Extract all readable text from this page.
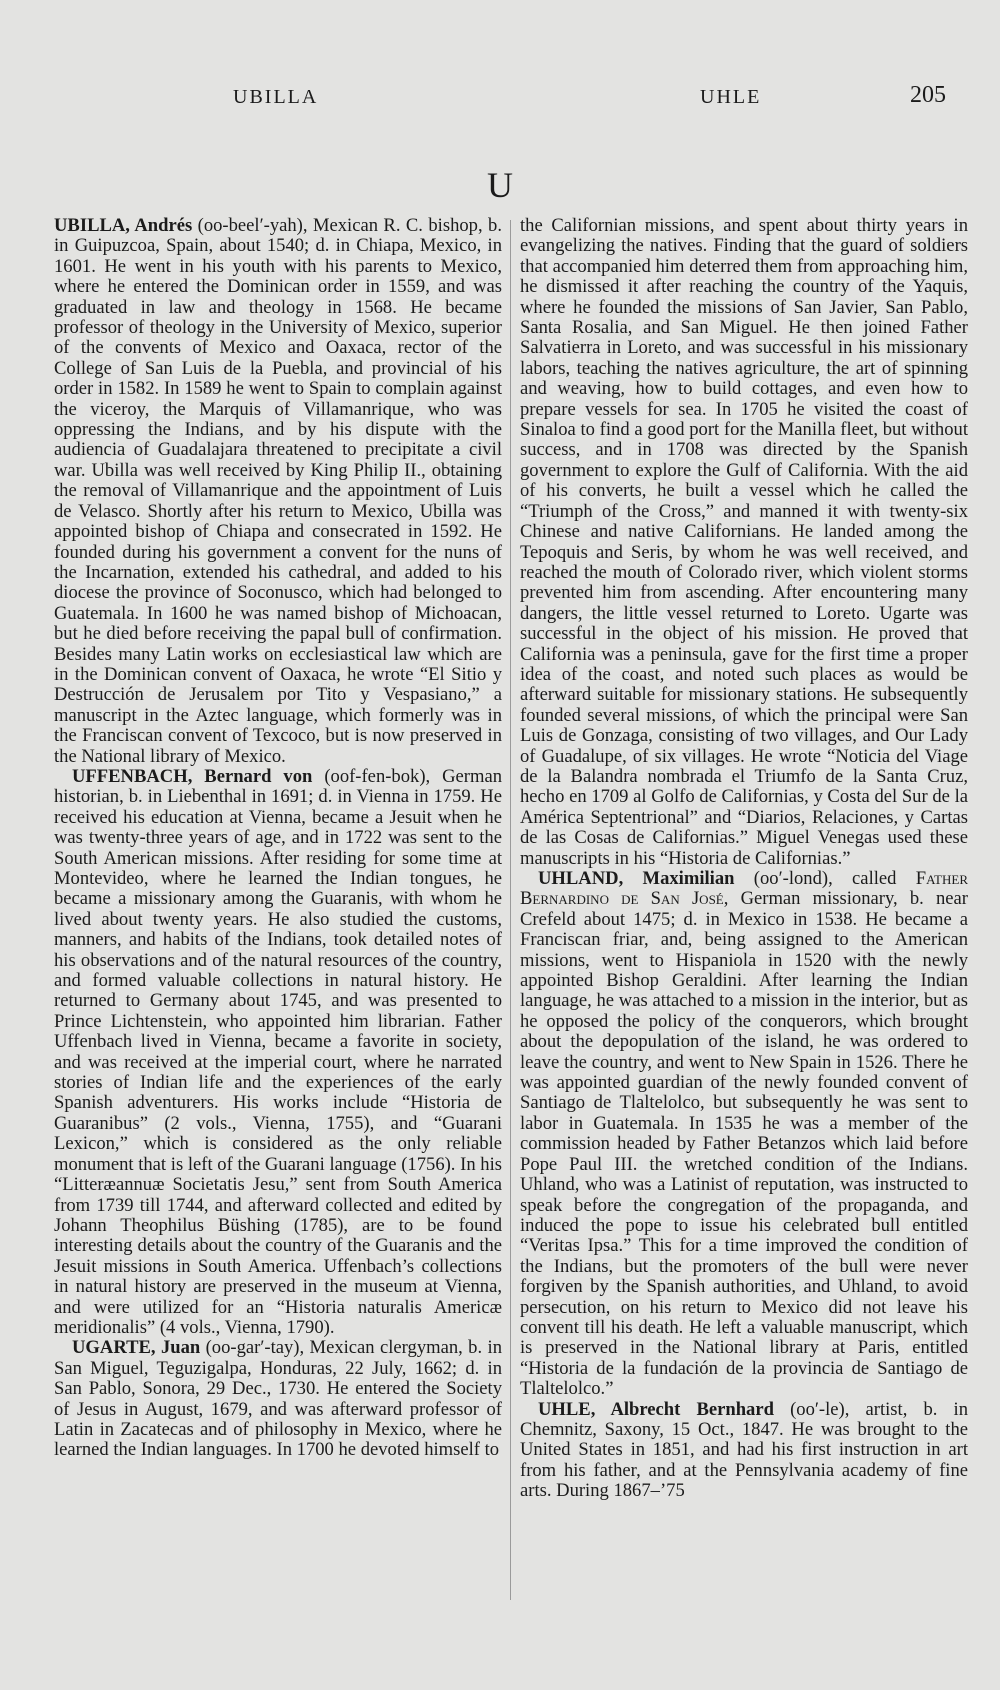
UBILLA	UHLE	205
U

UBILLA, Andrés (oo-beel′-yah), Mexican R. C. bishop, b. in Guipuzcoa, Spain, about 1540; d. in Chiapa, Mexico, in 1601. He went in his youth with his parents to Mexico, where he entered the Dominican order in 1559, and was graduated in law and theology in 1568. He became professor of theology in the University of Mexico, superior of the convents of Mexico and Oaxaca, rector of the College of San Luis de la Puebla, and provincial of his order in 1582. In 1589 he went to Spain to complain against the viceroy, the Marquis of Villamanrique, who was oppressing the Indians, and by his dispute with the audiencia of Guadalajara threatened to precipitate a civil war. Ubilla was well received by King Philip II., obtaining the removal of Villamanrique and the appointment of Luis de Velasco. Shortly after his return to Mexico, Ubilla was appointed bishop of Chiapa and consecrated in 1592. He founded during his government a convent for the nuns of the Incarnation, extended his cathedral, and added to his diocese the province of Soconusco, which had belonged to Guatemala. In 1600 he was named bishop of Michoacan, but he died before receiving the papal bull of confirmation. Besides many Latin works on ecclesiastical law which are in the Dominican convent of Oaxaca, he wrote “El Sitio y Destrucción de Jerusalem por Tito y Vespasiano,” a manuscript in the Aztec language, which formerly was in the Franciscan convent of Texcoco, but is now preserved in the National library of Mexico.

UFFENBACH, Bernard von (oof-fen-bok), German historian, b. in Liebenthal in 1691; d. in Vienna in 1759. He received his education at Vienna, became a Jesuit when he was twenty-three years of age, and in 1722 was sent to the South American missions. After residing for some time at Montevideo, where he learned the Indian tongues, he became a missionary among the Guaranis, with whom he lived about twenty years. He also studied the customs, manners, and habits of the Indians, took detailed notes of his observations and of the natural resources of the country, and formed valuable collections in natural history. He returned to Germany about 1745, and was presented to Prince Lichtenstein, who appointed him librarian. Father Uffenbach lived in Vienna, became a favorite in society, and was received at the imperial court, where he narrated stories of Indian life and the experiences of the early Spanish adventurers. His works include “Historia de Guaranibus” (2 vols., Vienna, 1755), and “Guarani Lexicon,” which is considered as the only reliable monument that is left of the Guarani language (1756). In his “Litteræannuæ Societatis Jesu,” sent from South America from 1739 till 1744, and afterward collected and edited by Johann Theophilus Büshing (1785), are to be found interesting details about the country of the Guaranis and the Jesuit missions in South America. Uffenbach’s collections in natural history are preserved in the museum at Vienna, and were utilized for an “Historia naturalis Americæ meridionalis” (4 vols., Vienna, 1790).

UGARTE, Juan (oo-gar′-tay), Mexican clergyman, b. in San Miguel, Teguzigalpa, Honduras, 22 July, 1662; d. in San Pablo, Sonora, 29 Dec., 1730. He entered the Society of Jesus in August, 1679, and was afterward professor of Latin in Zacatecas and of philosophy in Mexico, where he learned the Indian languages. In 1700 he devoted himself to

the Californian missions, and spent about thirty years in evangelizing the natives. Finding that the guard of soldiers that accompanied him deterred them from approaching him, he dismissed it after reaching the country of the Yaquis, where he founded the missions of San Javier, San Pablo, Santa Rosalia, and San Miguel. He then joined Father Salvatierra in Loreto, and was successful in his missionary labors, teaching the natives agriculture, the art of spinning and weaving, how to build cottages, and even how to prepare vessels for sea. In 1705 he visited the coast of Sinaloa to find a good port for the Manilla fleet, but without success, and in 1708 was directed by the Spanish government to explore the Gulf of California. With the aid of his converts, he built a vessel which he called the “Triumph of the Cross,” and manned it with twenty-six Chinese and native Californians. He landed among the Tepoquis and Seris, by whom he was well received, and reached the mouth of Colorado river, which violent storms prevented him from ascending. After encountering many dangers, the little vessel returned to Loreto. Ugarte was successful in the object of his mission. He proved that California was a peninsula, gave for the first time a proper idea of the coast, and noted such places as would be afterward suitable for missionary stations. He subsequently founded several missions, of which the principal were San Luis de Gonzaga, consisting of two villages, and Our Lady of Guadalupe, of six villages. He wrote “Noticia del Viage de la Balandra nombrada el Triumfo de la Santa Cruz, hecho en 1709 al Golfo de Californias, y Costa del Sur de la América Septentrional” and “Diarios, Relaciones, y Cartas de las Cosas de Californias.” Miguel Venegas used these manuscripts in his “Historia de Californias.”

UHLAND, Maximilian (oo′-lond), called Father Bernardino de San José, German missionary, b. near Crefeld about 1475; d. in Mexico in 1538. He became a Franciscan friar, and, being assigned to the American missions, went to Hispaniola in 1520 with the newly appointed Bishop Geraldini. After learning the Indian language, he was attached to a mission in the interior, but as he opposed the policy of the conquerors, which brought about the depopulation of the island, he was ordered to leave the country, and went to New Spain in 1526. There he was appointed guardian of the newly founded convent of Santiago de Tlaltelolco, but subsequently he was sent to labor in Guatemala. In 1535 he was a member of the commission headed by Father Betanzos which laid before Pope Paul III. the wretched condition of the Indians. Uhland, who was a Latinist of reputation, was instructed to speak before the congregation of the propaganda, and induced the pope to issue his celebrated bull entitled “Veritas Ipsa.” This for a time improved the condition of the Indians, but the promoters of the bull were never forgiven by the Spanish authorities, and Uhland, to avoid persecution, on his return to Mexico did not leave his convent till his death. He left a valuable manuscript, which is preserved in the National library at Paris, entitled “Historia de la fundación de la provincia de Santiago de Tlaltelolco.”

UHLE, Albrecht Bernhard (oo′-le), artist, b. in Chemnitz, Saxony, 15 Oct., 1847. He was brought to the United States in 1851, and had his first instruction in art from his father, and at the Pennsylvania academy of fine arts. During 1867–’75
